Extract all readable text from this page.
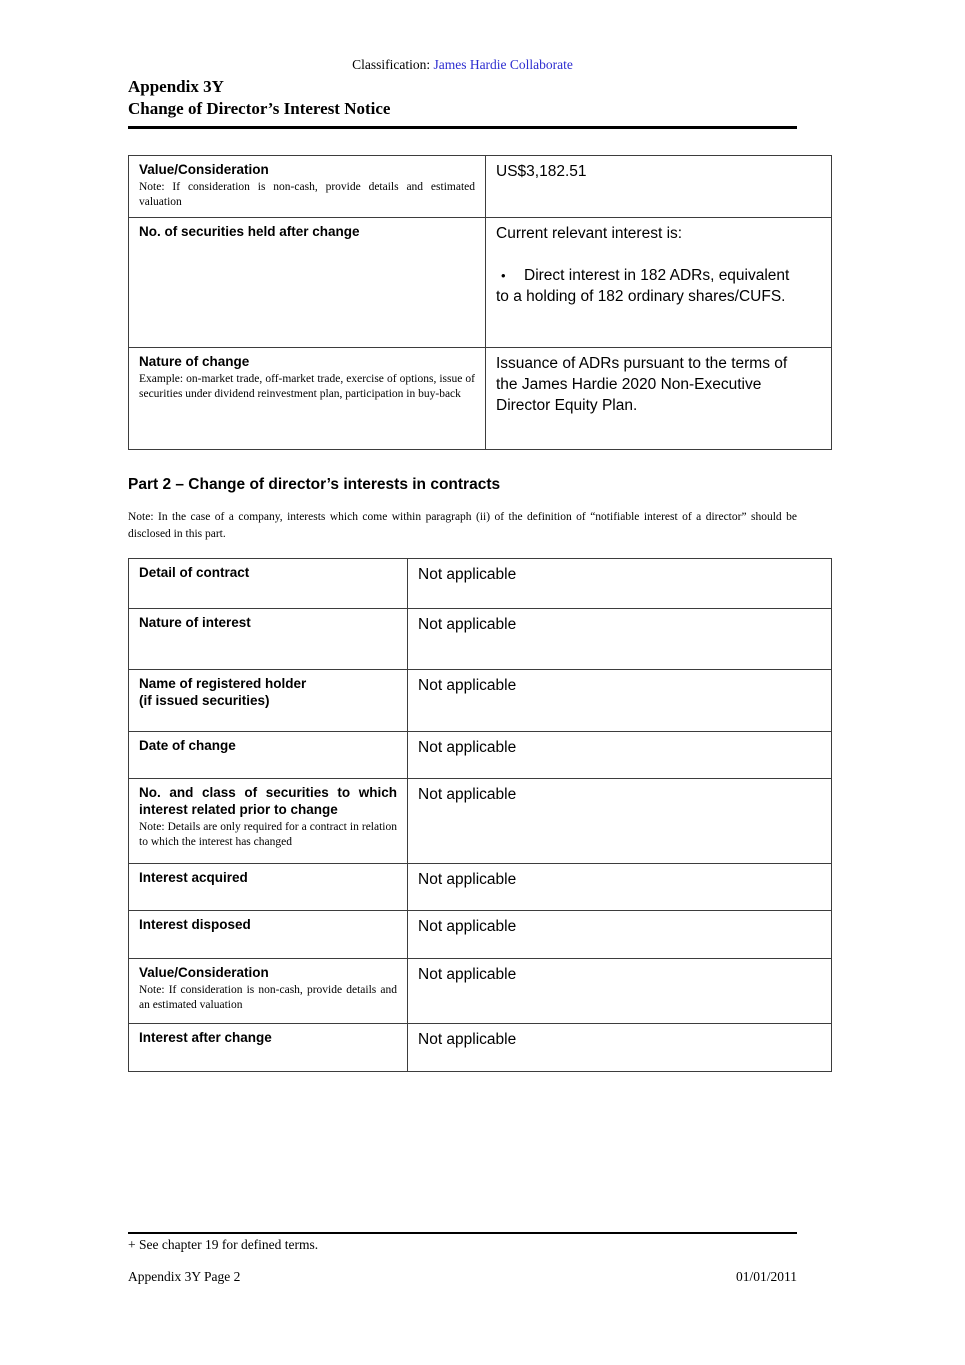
Classification: James Hardie Collaborate
Appendix 3Y
Change of Director’s Interest Notice
Value/Consideration
Note: If consideration is non-cash, provide details and estimated valuation	US$3,182.51

No. of securities held after change	Current relevant interest is:
• Direct interest in 182 ADRs, equivalent to a holding of 182 ordinary shares/CUFS.

Nature of change
Example: on-market trade, off-market trade, exercise of options, issue of securities under dividend reinvestment plan, participation in buy-back	Issuance of ADRs pursuant to the terms of the James Hardie 2020 Non-Executive Director Equity Plan.
Part 2 – Change of director’s interests in contracts
Note: In the case of a company, interests which come within paragraph (ii) of the definition of “notifiable interest of a director” should be disclosed in this part.
Detail of contract	Not applicable

Nature of interest	Not applicable

Name of registered holder
(if issued securities)	Not applicable

Date of change	Not applicable

No. and class of securities to which interest related prior to change
Note: Details are only required for a contract in relation to which the interest has changed	Not applicable

Interest acquired	Not applicable

Interest disposed	Not applicable

Value/Consideration
Note: If consideration is non-cash, provide details and an estimated valuation	Not applicable

Interest after change	Not applicable
+ See chapter 19 for defined terms.
Appendix 3Y Page 2	01/01/2011
